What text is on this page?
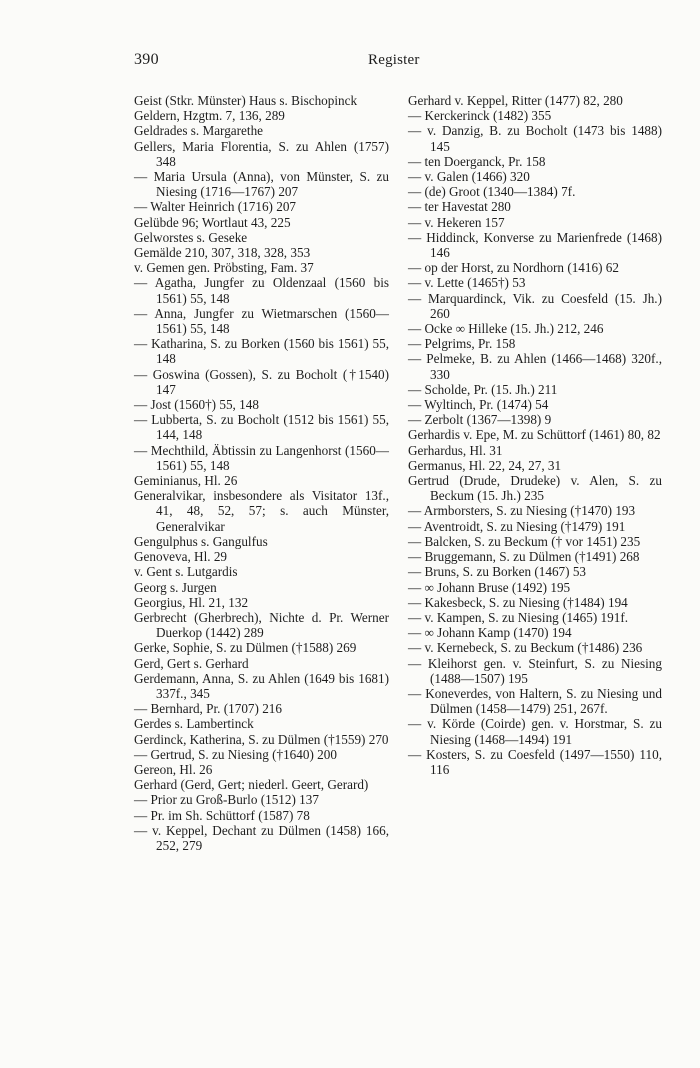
390	Register

Geist (Stkr. Münster) Haus s. Bischopinck

Geldern, Hzgtm. 7, 136, 289

Geldrades s. Margarethe

Gellers, Maria Florentia, S. zu Ahlen (1757) 348

— Maria Ursula (Anna), von Münster, S. zu Niesing (1716—1767) 207

— Walter Heinrich (1716) 207

Gelübde 96; Wortlaut 43, 225

Gelworstes s. Geseke

Gemälde 210, 307, 318, 328, 353

v. Gemen gen. Pröbsting, Fam. 37

— Agatha, Jungfer zu Oldenzaal (1560 bis 1561) 55, 148

— Anna, Jungfer zu Wietmarschen (1560—1561) 55, 148

— Katharina, S. zu Borken (1560 bis 1561) 55, 148

— Goswina (Gossen), S. zu Bocholt (†1540) 147

— Jost (1560†) 55, 148

— Lubberta, S. zu Bocholt (1512 bis 1561) 55, 144, 148

— Mechthild, Äbtissin zu Langenhorst (1560—1561) 55, 148

Geminianus, Hl. 26

Generalvikar, insbesondere als Visitator 13f., 41, 48, 52, 57; s. auch Münster, Generalvikar

Gengulphus s. Gangulfus

Genoveva, Hl. 29

v. Gent s. Lutgardis

Georg s. Jurgen

Georgius, Hl. 21, 132

Gerbrecht (Gherbrech), Nichte d. Pr. Werner Duerkop (1442) 289

Gerke, Sophie, S. zu Dülmen (†1588) 269

Gerd, Gert s. Gerhard

Gerdemann, Anna, S. zu Ahlen (1649 bis 1681) 337f., 345

— Bernhard, Pr. (1707) 216

Gerdes s. Lambertinck

Gerdinck, Katherina, S. zu Dülmen (†1559) 270

— Gertrud, S. zu Niesing (†1640) 200

Gereon, Hl. 26

Gerhard (Gerd, Gert; niederl. Geert, Gerard)

— Prior zu Groß-Burlo (1512) 137

— Pr. im Sh. Schüttorf (1587) 78

— v. Keppel, Dechant zu Dülmen (1458) 166, 252, 279

Gerhard v. Keppel, Ritter (1477) 82, 280

— Kerckerinck (1482) 355

— v. Danzig, B. zu Bocholt (1473 bis 1488) 145

— ten Doerganck, Pr. 158

— v. Galen (1466) 320

— (de) Groot (1340—1384) 7f.

— ter Havestat 280

— v. Hekeren 157

— Hiddinck, Konverse zu Marienfrede (1468) 146

— op der Horst, zu Nordhorn (1416) 62

— v. Lette (1465†) 53

— Marquardinck, Vik. zu Coesfeld (15. Jh.) 260

— Ocke ∞ Hilleke (15. Jh.) 212, 246

— Pelgrims, Pr. 158

— Pelmeke, B. zu Ahlen (1466—1468) 320f., 330

— Scholde, Pr. (15. Jh.) 211

— Wyltinch, Pr. (1474) 54

— Zerbolt (1367—1398) 9

Gerhardis v. Epe, M. zu Schüttorf (1461) 80, 82

Gerhardus, Hl. 31

Germanus, Hl. 22, 24, 27, 31

Gertrud (Drude, Drudeke) v. Alen, S. zu Beckum (15. Jh.) 235

— Armborsters, S. zu Niesing (†1470) 193

— Aventroidt, S. zu Niesing (†1479) 191

— Balcken, S. zu Beckum († vor 1451) 235

— Bruggemann, S. zu Dülmen (†1491) 268

— Bruns, S. zu Borken (1467) 53

— ∞ Johann Bruse (1492) 195

— Kakesbeck, S. zu Niesing (†1484) 194

— v. Kampen, S. zu Niesing (1465) 191f.

— ∞ Johann Kamp (1470) 194

— v. Kernebeck, S. zu Beckum (†1486) 236

— Kleihorst gen. v. Steinfurt, S. zu Niesing (1488—1507) 195

— Koneverdes, von Haltern, S. zu Niesing und Dülmen (1458—1479) 251, 267f.

— v. Körde (Coirde) gen. v. Horstmar, S. zu Niesing (1468—1494) 191

— Kosters, S. zu Coesfeld (1497—1550) 110, 116
